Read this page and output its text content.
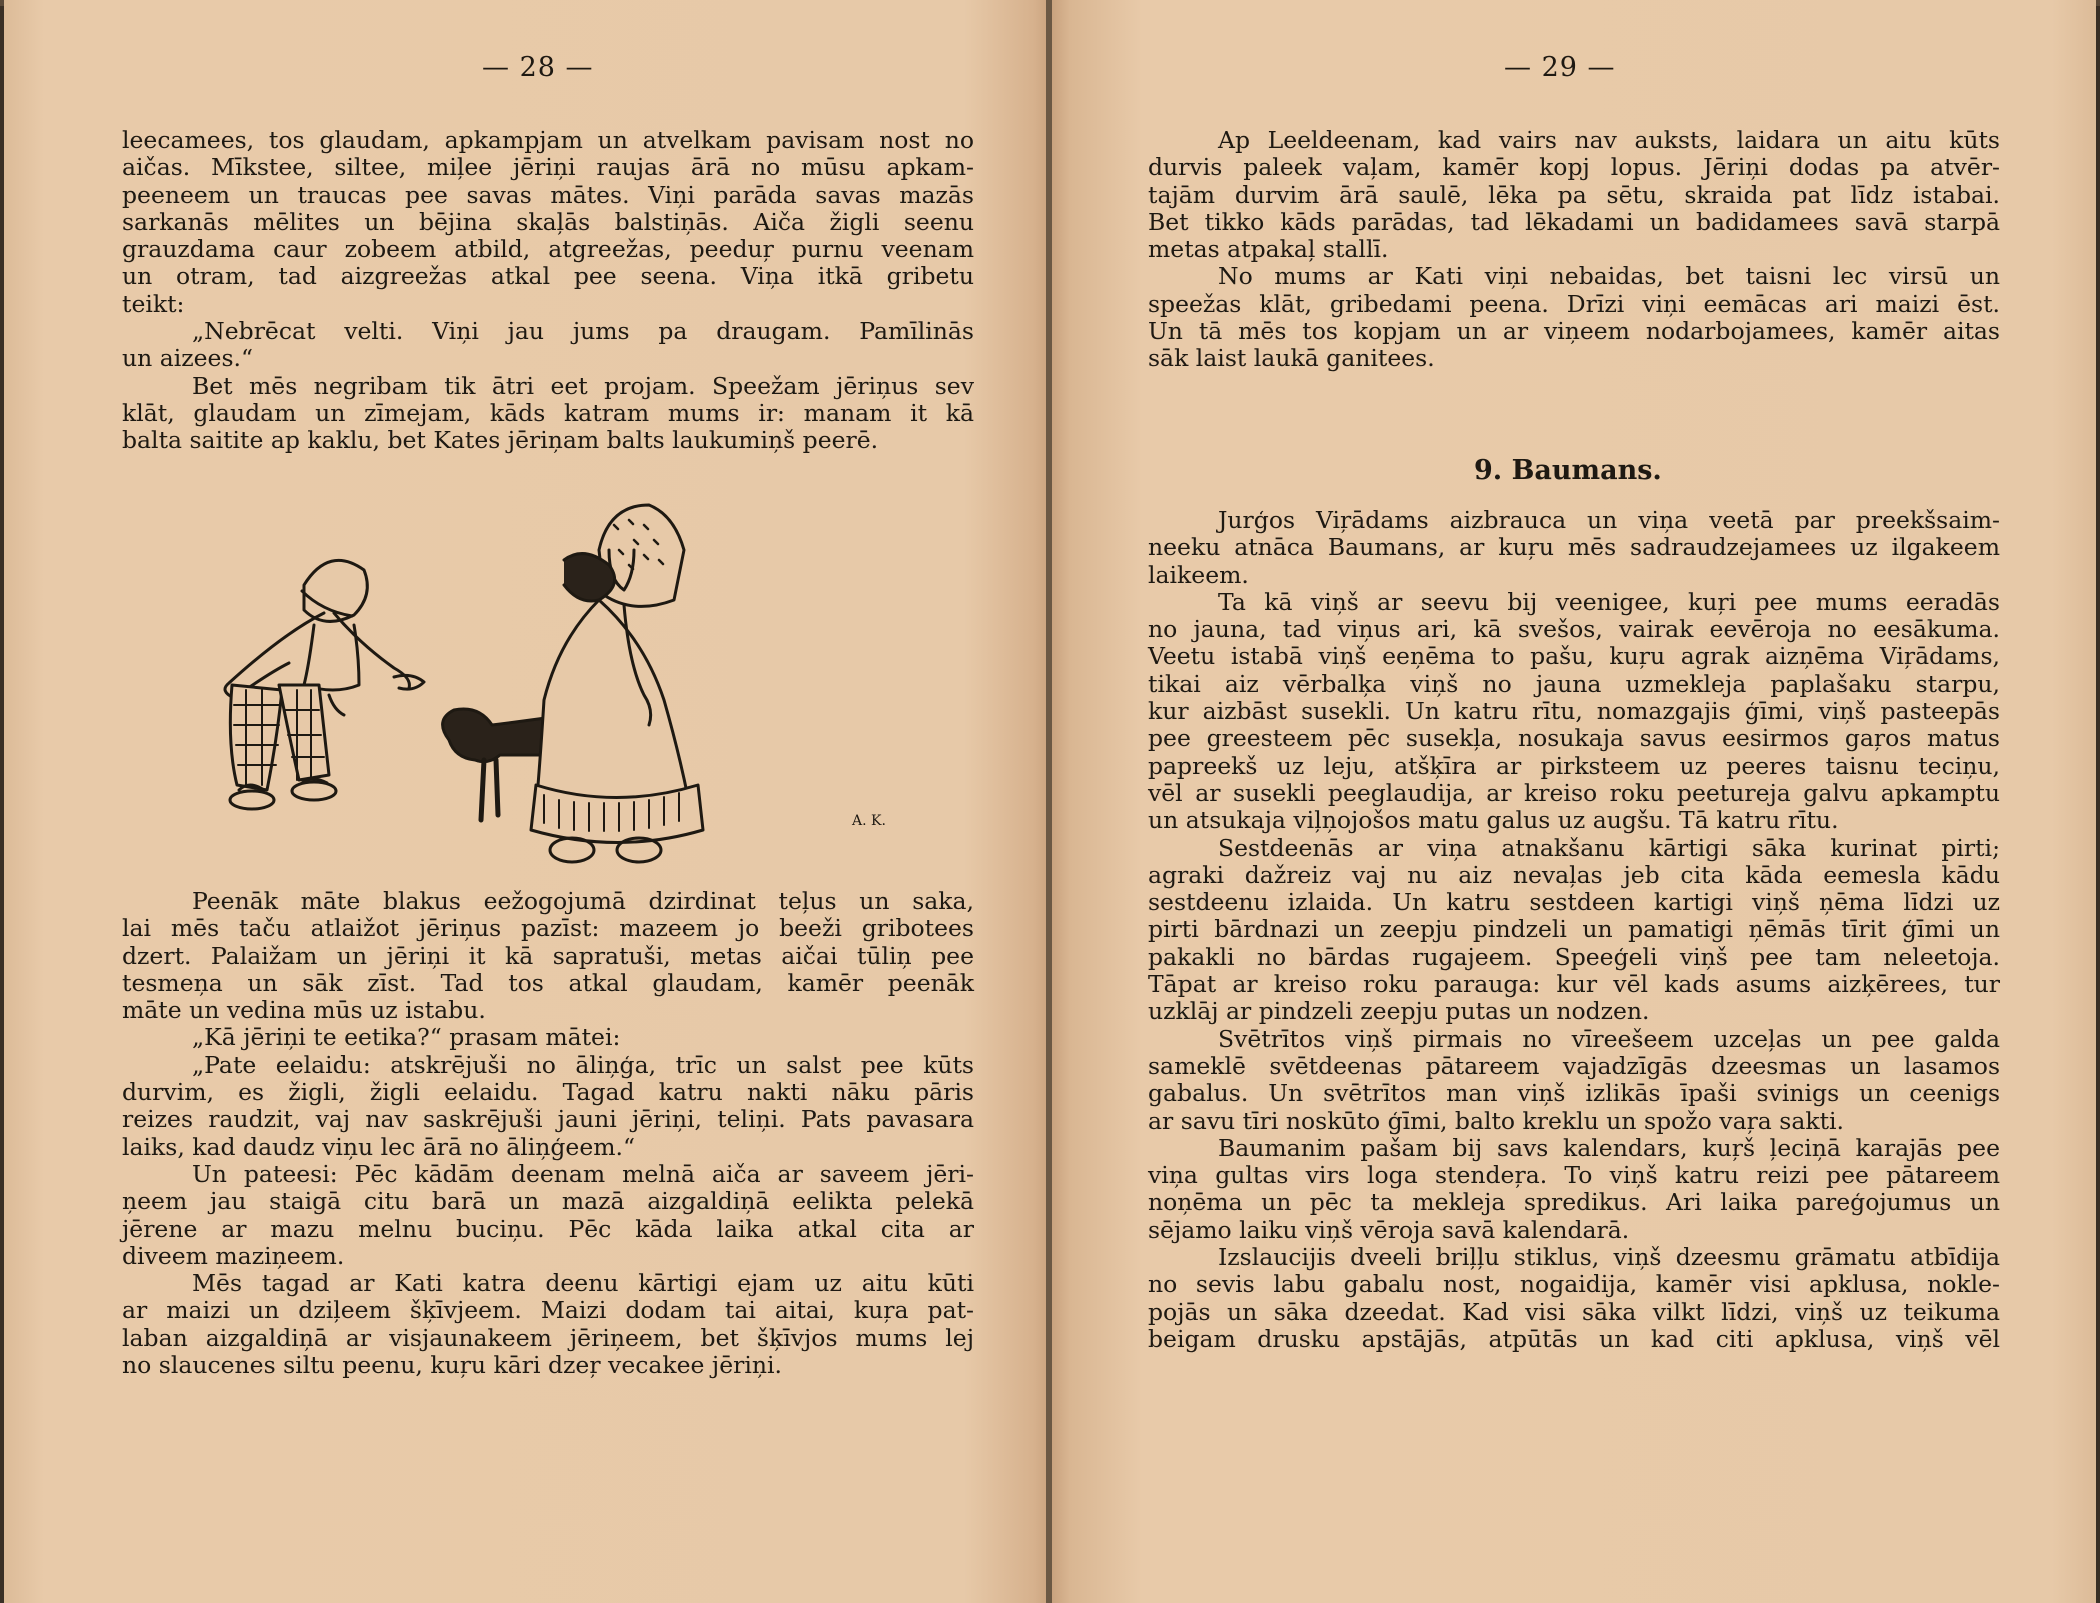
— 28 —
leecamees, tos glaudam, apkampjam un atvelkam pavisam nost no
aičas. Mīkstee, siltee, miļee jēriņi raujas ārā no mūsu apkam-
peeneem un traucas pee savas mātes. Viņi parāda savas mazās
sarkanās mēlites un bējina skaļās balstiņās. Aiča žigli seenu
grauzdama caur zobeem atbild, atgreežas, peeduŗ purnu veenam
un otram, tad aizgreežas atkal pee seena. Viņa itkā gribetu
teikt:
„Nebrēcat velti. Viņi jau jums pa draugam. Pamīlinās
un aizees.“
Bet mēs negribam tik ātri eet projam. Speežam jēriņus sev
klāt, glaudam un zīmejam, kāds katram mums ir: manam it kā
balta saitite ap kaklu, bet Kates jēriņam balts laukumiņš peerē.
A. K.
Peenāk māte blakus eežogojumā dzirdinat teļus un saka,
lai mēs taču atlaižot jēriņus pazīst: mazeem jo beeži gribotees
dzert. Palaižam un jēriņi it kā sapratuši, metas aičai tūliņ pee
tesmeņa un sāk zīst. Tad tos atkal glaudam, kamēr peenāk
māte un vedina mūs uz istabu.
„Kā jēriņi te eetika?“ prasam mātei:
„Pate eelaidu: atskrējuši no āliņģa, trīc un salst pee kūts
durvim, es žigli, žigli eelaidu. Tagad katru nakti nāku pāris
reizes raudzit, vaj nav saskrējuši jauni jēriņi, teliņi. Pats pavasara
laiks, kad daudz viņu lec ārā no āliņģeem.“
Un pateesi: Pēc kādām deenam melnā aiča ar saveem jēri-
ņeem jau staigā citu barā un mazā aizgaldiņā eelikta pelekā
jērene ar mazu melnu buciņu. Pēc kāda laika atkal cita ar
diveem maziņeem.
Mēs tagad ar Kati katra deenu kārtigi ejam uz aitu kūti
ar maizi un dziļeem šķīvjeem. Maizi dodam tai aitai, kuŗa pat-
laban aizgaldiņā ar visjaunakeem jēriņeem, bet šķīvjos mums lej
no slaucenes siltu peenu, kuŗu kāri dzeŗ vecakee jēriņi.
— 29 —
Ap Leeldeenam, kad vairs nav auksts, laidara un aitu kūts
durvis paleek vaļam, kamēr kopj lopus. Jēriņi dodas pa atvēr-
tajām durvim ārā saulē, lēka pa sētu, skraida pat līdz istabai.
Bet tikko kāds parādas, tad lēkadami un badidamees savā starpā
metas atpakaļ stallī.
No mums ar Kati viņi nebaidas, bet taisni lec virsū un
speežas klāt, gribedami peena. Drīzi viņi eemācas ari maizi ēst.
Un tā mēs tos kopjam un ar viņeem nodarbojamees, kamēr aitas
sāk laist laukā ganitees.
9. Baumans.
Jurģos Viŗādams aizbrauca un viņa veetā par preekšsaim-
neeku atnāca Baumans, ar kuŗu mēs sadraudzejamees uz ilgakeem
laikeem.
Ta kā viņš ar seevu bij veenigee, kuŗi pee mums eeradās
no jauna, tad viņus ari, kā svešos, vairak eevēroja no eesākuma.
Veetu istabā viņš eeņēma to pašu, kuŗu agrak aizņēma Viŗādams,
tikai aiz vērbalķa viņš no jauna uzmekleja paplašaku starpu,
kur aizbāst susekli. Un katru rītu, nomazgajis ģīmi, viņš pasteepās
pee greesteem pēc susekļa, nosukaja savus eesirmos gaŗos matus
papreekš uz leju, atšķīra ar pirksteem uz peeres taisnu teciņu,
vēl ar susekli peeglaudija, ar kreiso roku peetureja galvu apkamptu
un atsukaja viļņojošos matu galus uz augšu. Tā katru rītu.
Sestdeenās ar viņa atnakšanu kārtigi sāka kurinat pirti;
agraki dažreiz vaj nu aiz nevaļas jeb cita kāda eemesla kādu
sestdeenu izlaida. Un katru sestdeen kartigi viņš ņēma līdzi uz
pirti bārdnazi un zeepju pindzeli un pamatigi ņēmās tīrit ģīmi un
pakakli no bārdas rugajeem. Speeģeli viņš pee tam neleetoja.
Tāpat ar kreiso roku parauga: kur vēl kads asums aizķērees, tur
uzklāj ar pindzeli zeepju putas un nodzen.
Svētrītos viņš pirmais no vīreešeem uzceļas un pee galda
sameklē svētdeenas pātareem vajadzīgās dzeesmas un lasamos
gabalus. Un svētrītos man viņš izlikās īpaši svinigs un ceenigs
ar savu tīri noskūto ģīmi, balto kreklu un spožo vaŗa sakti.
Baumanim pašam bij savs kalendars, kuŗš ļeciņā karajās pee
viņa gultas virs loga stendeŗa. To viņš katru reizi pee pātareem
noņēma un pēc ta mekleja spredikus. Ari laika pareģojumus un
sējamo laiku viņš vēroja savā kalendarā.
Izslaucijis dveeli briļļu stiklus, viņš dzeesmu grāmatu atbīdija
no sevis labu gabalu nost, nogaidija, kamēr visi apklusa, nokle-
pojās un sāka dzeedat. Kad visi sāka vilkt līdzi, viņš uz teikuma
beigam drusku apstājās, atpūtās un kad citi apklusa, viņš vēl
